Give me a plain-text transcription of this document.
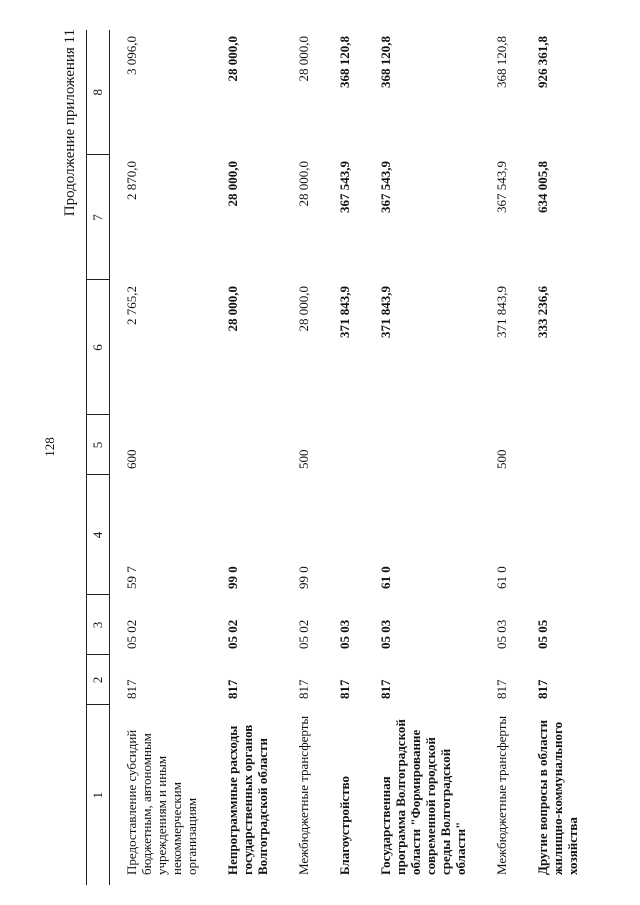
128
Продолжение приложения 11
1	2	3	4	5	6	7	8
Предоставление субсидий бюджетным, автономным учреждениям и иным некоммерческим организациям	817	05 02	59 7	600	2 765,2	2 870,0	3 096,0
Непрограммные расходы государственных органов Волгоградской области	817	05 02	99 0		28 000,0	28 000,0	28 000,0
Межбюджетные трансферты	817	05 02	99 0	500	28 000,0	28 000,0	28 000,0
Благоустройство	817	05 03			371 843,9	367 543,9	368 120,8
Государственная программа Волгоградской области "Формирование современной городской среды Волгоградской области"	817	05 03	61 0		371 843,9	367 543,9	368 120,8
Межбюджетные трансферты	817	05 03	61 0	500	371 843,9	367 543,9	368 120,8
Другие вопросы в области жилищно-коммунального хозяйства	817	05 05			333 236,6	634 005,8	926 361,8
